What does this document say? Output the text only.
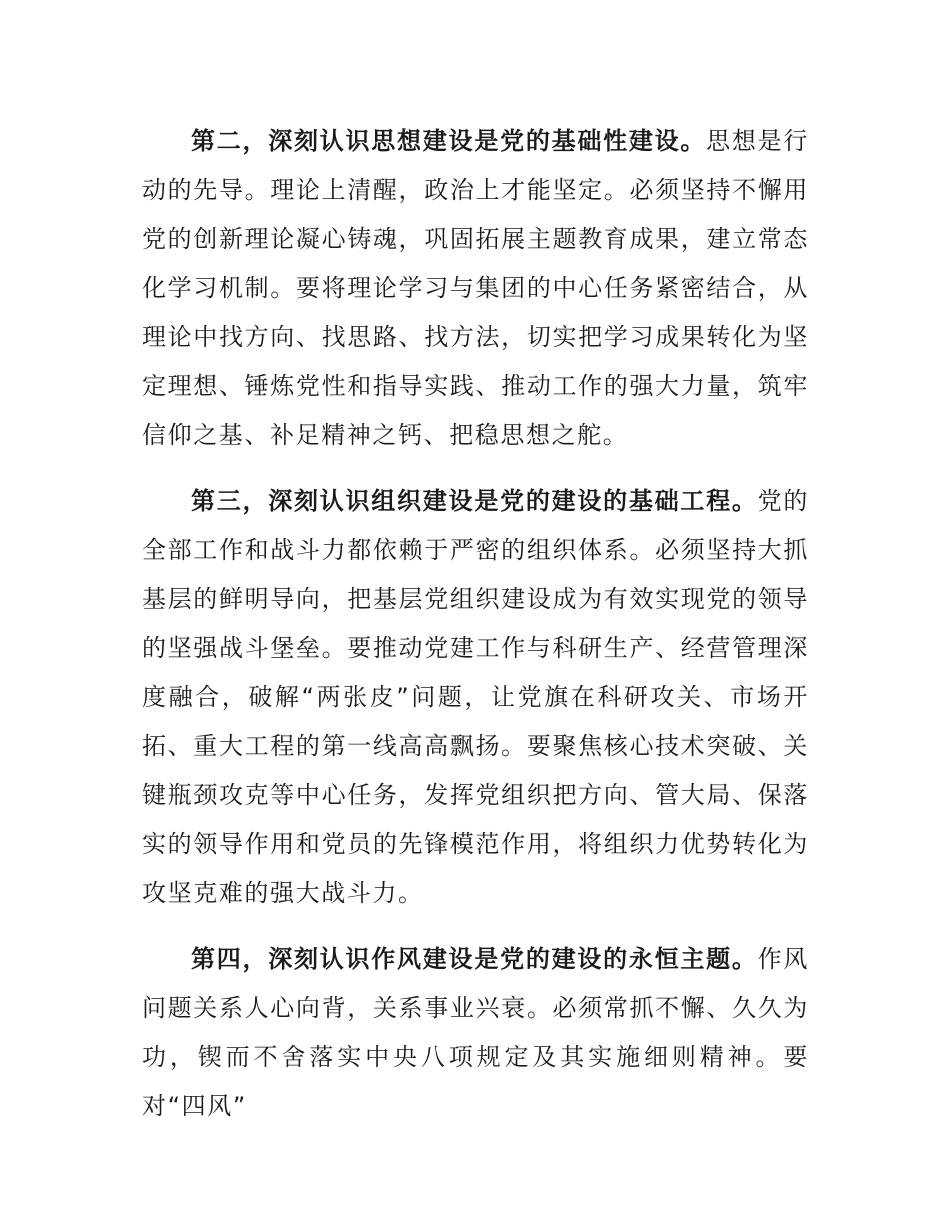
第二，深刻认识思想建设是党的基础性建设。思想是行动的先导。理论上清醒，政治上才能坚定。必须坚持不懈用党的创新理论凝心铸魂，巩固拓展主题教育成果，建立常态化学习机制。要将理论学习与集团的中心任务紧密结合，从理论中找方向、找思路、找方法，切实把学习成果转化为坚定理想、锤炼党性和指导实践、推动工作的强大力量，筑牢信仰之基、补足精神之钙、把稳思想之舵。

第三，深刻认识组织建设是党的建设的基础工程。党的全部工作和战斗力都依赖于严密的组织体系。必须坚持大抓基层的鲜明导向，把基层党组织建设成为有效实现党的领导的坚强战斗堡垒。要推动党建工作与科研生产、经营管理深度融合，破解“两张皮”问题，让党旗在科研攻关、市场开拓、重大工程的第一线高高飘扬。要聚焦核心技术突破、关键瓶颈攻克等中心任务，发挥党组织把方向、管大局、保落实的领导作用和党员的先锋模范作用，将组织力优势转化为攻坚克难的强大战斗力。

第四，深刻认识作风建设是党的建设的永恒主题。作风问题关系人心向背，关系事业兴衰。必须常抓不懈、久久为功，锲而不舍落实中央八项规定及其实施细则精神。要对“四风”
